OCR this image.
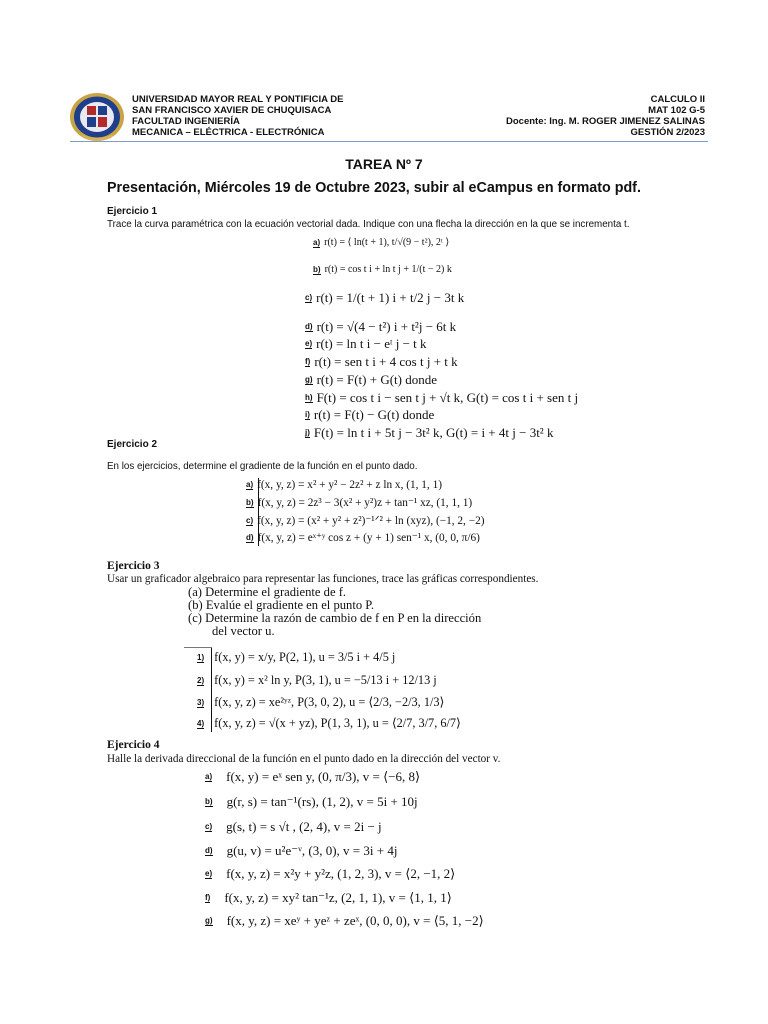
UNIVERSIDAD MAYOR REAL Y PONTIFICIA DE
SAN FRANCISCO XAVIER DE CHUQUISACA
FACULTAD INGENIERÍA
MECANICA – ELÉCTRICA - ELECTRÓNICA
CALCULO II
MAT 102 G-5
Docente: Ing. M. ROGER JIMENEZ SALINAS
GESTIÓN 2/2023
TAREA Nº 7
Presentación, Miércoles 19 de Octubre 2023, subir al eCampus en formato pdf.
Ejercicio 1
Trace la curva paramétrica con la ecuación vectorial dada. Indique con una flecha la dirección en la que se incrementa t.
a) r(t) = ⟨ ln(t + 1), t/√(9 − t²), 2ᵗ ⟩
b) r(t) = cos t i + ln t j + 1/(t − 2) k
c) r(t) = 1/(t + 1) i + t/2 j − 3t k
d) r(t) = √(4 − t²) i + t²j − 6t k
e) r(t) = ln t i − eᵗ j − t k
f) r(t) = sen t i + 4 cos t j + t k
g) r(t) = F(t) + G(t) donde
h) F(t) = cos t i − sen t j + √t k, G(t) = cos t i + sen t j
i) r(t) = F(t) − G(t) donde
j) F(t) = ln t i + 5t j − 3t² k, G(t) = i + 4t j − 3t² k
Ejercicio 2
En los ejercicios, determine el gradiente de la función en el punto dado.
a) f(x, y, z) = x² + y² − 2z² + z ln x, (1, 1, 1)
b) f(x, y, z) = 2z³ − 3(x² + y²)z + tan⁻¹ xz, (1, 1, 1)
c) f(x, y, z) = (x² + y² + z²)⁻¹ᐟ² + ln (xyz), (−1, 2, −2)
d) f(x, y, z) = eˣ⁺ʸ cos z + (y + 1) sen⁻¹ x, (0, 0, π/6)
Ejercicio 3
Usar un graficador algebraico para representar las funciones, trace las gráficas correspondientes.
(a) Determine el gradiente de f.
(b) Evalúe el gradiente en el punto P.
(c) Determine la razón de cambio de f en P en la dirección
del vector u.
1) f(x, y) = x/y, P(2, 1), u = 3/5 i + 4/5 j
2) f(x, y) = x² ln y, P(3, 1), u = −5/13 i + 12/13 j
3) f(x, y, z) = xe²ʸᶻ, P(3, 0, 2), u = ⟨2/3, −2/3, 1/3⟩
4) f(x, y, z) = √(x + yz), P(1, 3, 1), u = ⟨2/7, 3/7, 6/7⟩
Ejercicio 4
Halle la derivada direccional de la función en el punto dado en la dirección del vector v.
a) f(x, y) = eˣ sen y, (0, π/3), v = ⟨−6, 8⟩
b) g(r, s) = tan⁻¹(rs), (1, 2), v = 5i + 10j
c) g(s, t) = s √t , (2, 4), v = 2i − j
d) g(u, v) = u²e⁻ᵛ, (3, 0), v = 3i + 4j
e) f(x, y, z) = x²y + y²z, (1, 2, 3), v = ⟨2, −1, 2⟩
f) f(x, y, z) = xy² tan⁻¹z, (2, 1, 1), v = ⟨1, 1, 1⟩
g) f(x, y, z) = xeʸ + yeᶻ + zeˣ, (0, 0, 0), v = ⟨5, 1, −2⟩
